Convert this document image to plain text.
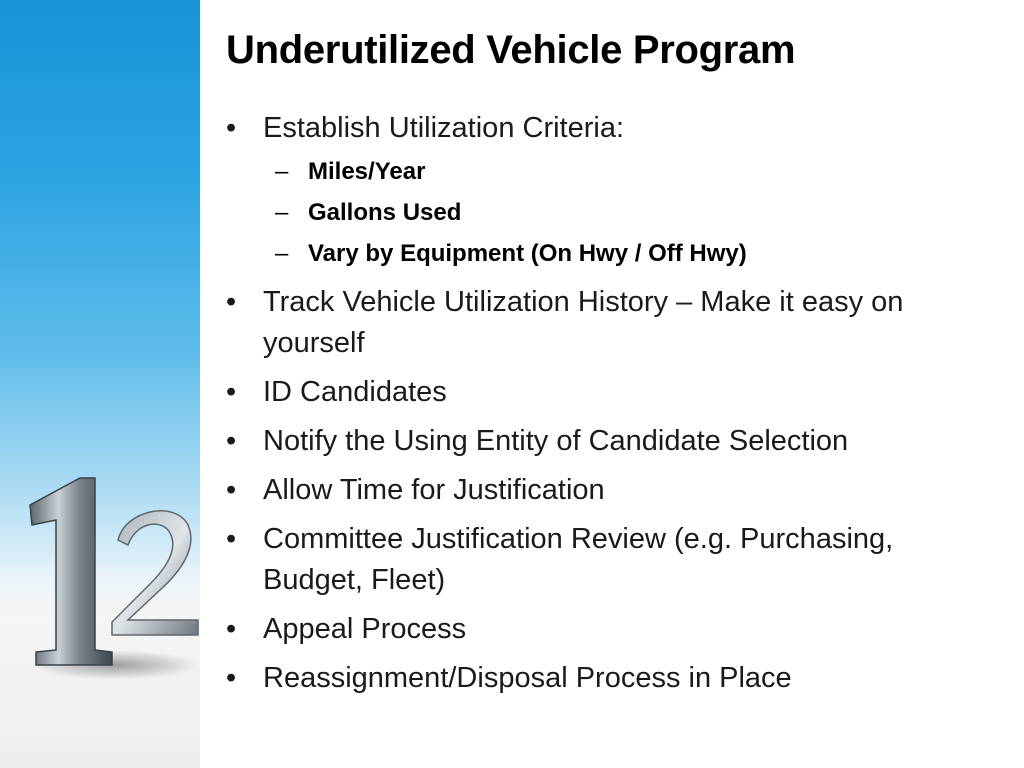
Underutilized Vehicle Program
• Establish Utilization Criteria:
– Miles/Year
– Gallons Used
– Vary by Equipment (On Hwy / Off Hwy)
• Track Vehicle Utilization History – Make it easy on yourself
• ID Candidates
• Notify the Using Entity of Candidate Selection
• Allow Time for Justification
• Committee Justification Review (e.g. Purchasing, Budget, Fleet)
• Appeal Process
• Reassignment/Disposal Process in Place
